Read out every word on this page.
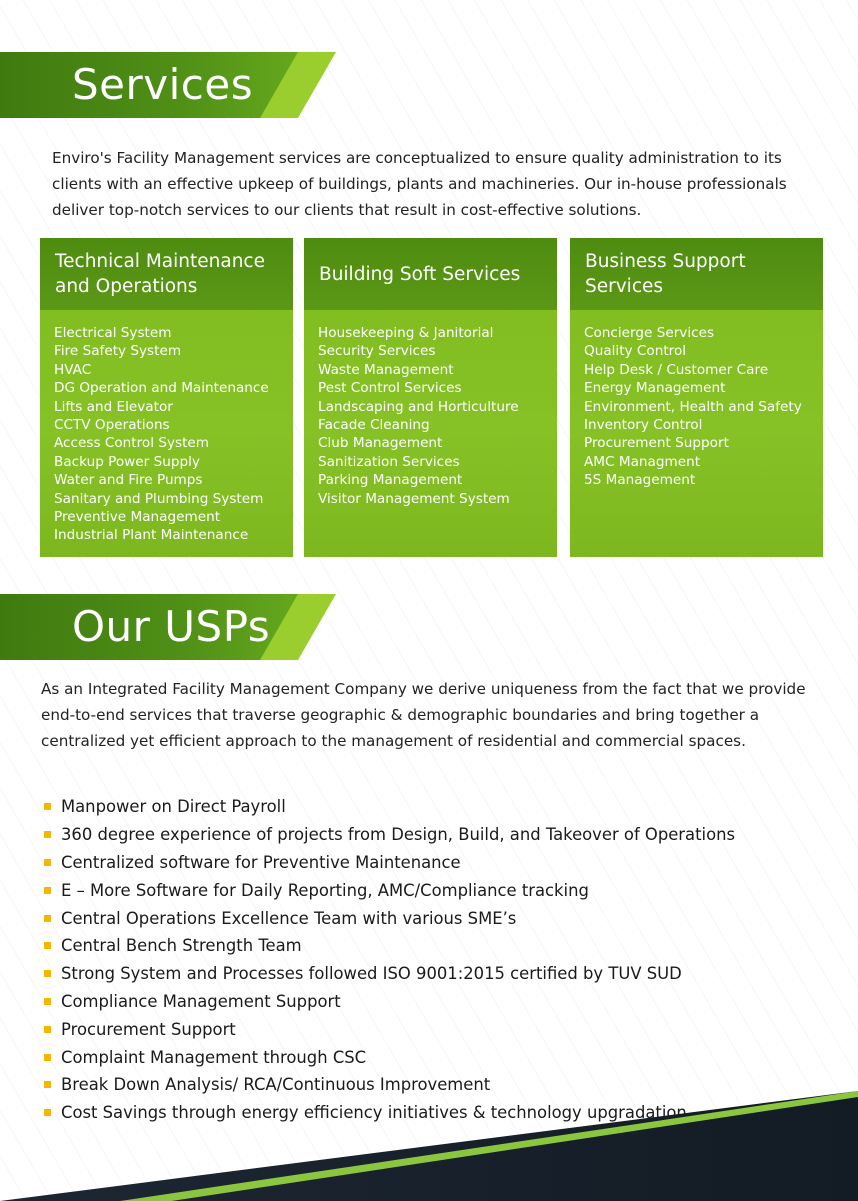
Services

Enviro's Facility Management services are conceptualized to ensure quality administration to its clients with an effective upkeep of buildings, plants and machineries. Our in-house professionals deliver top-notch services to our clients that result in cost-effective solutions.

Technical Maintenance and Operations
Electrical System
Fire Safety System
HVAC
DG Operation and Maintenance
Lifts and Elevator
CCTV Operations
Access Control System
Backup Power Supply
Water and Fire Pumps
Sanitary and Plumbing System
Preventive Management
Industrial Plant Maintenance
Building Soft Services
Housekeeping & Janitorial
Security Services
Waste Management
Pest Control Services
Landscaping and Horticulture
Facade Cleaning
Club Management
Sanitization Services
Parking Management
Visitor Management System
Business Support Services
Concierge Services
Quality Control
Help Desk / Customer Care
Energy Management
Environment, Health and Safety
Inventory Control
Procurement Support
AMC Managment
5S Management
Our USPs

As an Integrated Facility Management Company we derive uniqueness from the fact that we provide end-to-end services that traverse geographic & demographic boundaries and bring together a centralized yet efficient approach to the management of residential and commercial spaces.

Manpower on Direct Payroll
360 degree experience of projects from Design, Build, and Takeover of Operations
Centralized software for Preventive Maintenance
E – More Software for Daily Reporting, AMC/Compliance tracking
Central Operations Excellence Team with various SME’s
Central Bench Strength Team
Strong System and Processes followed ISO 9001:2015 certified by TUV SUD
Compliance Management Support
Procurement Support
Complaint Management through CSC
Break Down Analysis/ RCA/Continuous Improvement
Cost Savings through energy efficiency initiatives & technology upgradation
